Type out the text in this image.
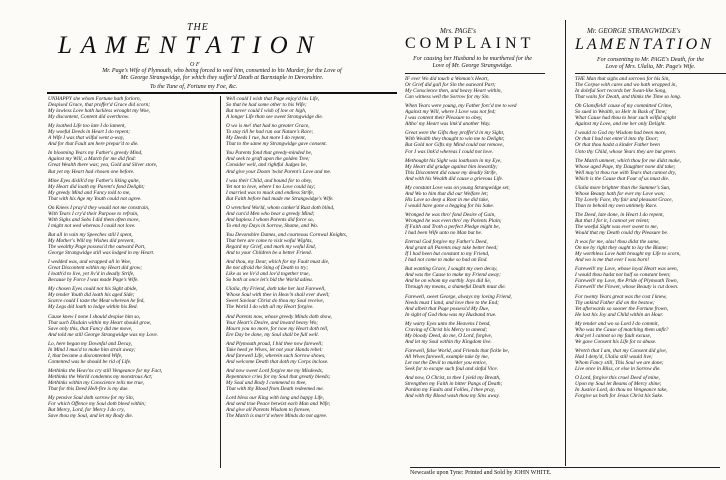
THE
LAMENTATION
O F
Mr. Page's Wife of Plymouth, who being forced to wed him, consented to his Murder, for the Love of
Mr. George Strangwidge, for which they suffer'd Death at Barnstaple in Devonshire.
To the Tune of, Fortune my Foe, &c.

UNHAPPY she whom Fortune hath forlorn,

Despised Grace, that proffer'd Grace did scorn;

My lawless Love hath luckless wrought my Woe,

My discontent, Content did overthrow.

My loathed Life too late I do lament,

My woeful Deeds in Heart I do repent;

A Wife I was that wilful went a-way,

And for that Fault am here prepar'd to die.

In blooming Years my Father's greedy Mind,

Against my Will, a Match for me did find:

Great Wealth there was; yea, Gold and Silver store,

But yet my Heart had chosen one before.

Mine Eyes dislik'd my Father's liking quite,

My Heart did loath my Parent's fond Delight;

My greedy Mind and Fancy told to me,

That with his Age my Youth could not agree.

On Knees I pray'd they would not me constrain,

With Tears I cry'd their Purpose to refrain,

With Sighs and Sobs I did them often move,

I might not wed whereas I could not love.

But all in vain my Speeches still I spent,

My Mother's Will my Wishes did prevent,

The wealthy Page possess'd the outward Part,

George Strangwidge still was lodged in my Heart.

I wedded was, and wrapped all in Woe,

Great Discontent within my Heart did grow;

I loath'd to live, yet liv'd in deadly Strife,

Because by Force I was made Page's Wife.

My chosen Eyes could not his Sight abide,

My tender Youth did loath his aged Side;

Scarce could I taste the Meat whereon he fed,

My Legs did loath to lodge within his Bed.

Cause knew I none I should despise him so,

That such Disdain within my Heart should grow,

Save only this, that Fancy did me move,

And told me still George Strangwidge was my Love.

Lo, here began my Downfal and Decay,

In Mind I mus'd to make him strait away;

I, that became a discontented Wife,

Contented was he should be rid of Life.

Methinks the Heav'ns cry still Vengeance for my Fact,

Methinks the World condemns my monstrous Act;

Methinks within my Conscience tells me true,

That for this Deed Hell-fire is my due.

My pensive Soul doth sorrow for my Sin,

For which Offence my Soul doth bleed within;

But Mercy, Lord, for Mercy I do cry,

Save thou my Soul, and let my Body die.

Well could I wish that Page enjoy'd his Life,

So that he had some other to his Wife;

But never could I wish of low or high,

A longer Life than see sweet Strangwidge die.

O wo is me! that had no greater Grace,

To stay till he had run out Nature's Race;

My Deeds I rue, but more I do repent,

That to the same my Strangwidge gave consent.

You Parents fond that greedy-minded be,

And seek to graft upon the golden Tree;

Consider well, and rightful Judges be,

And give your Doom 'twixt Parent's Love and me.

I was their Child, and bound for to obey,

Yet not to love, where I no Love could lay;

I married was to muck and endless Strife,

But Faith before had made me Strangwidge's Wife.

O wretched World, whom canker'd Rust doth blind,

And curs'd Men who bear a greedy Mind;

And hapless I whom Parents did force so,

To end my Days in Sorrow, Shame, and Wo.

You Devonshire Dames, and courteous Cornwal Knights,

That here are come to visit woful Wights,

Regard my Grief, and mark my woful End,

And to your Children be a better Friend.

And thou, my Dear, which for my Fault must die,

Be not afraid the Sting of Death to try;

Like as we liv'd and lov'd together true,

So both at once let's bid the World adieu.

Ulalia, thy Friend, doth take her last Farewell,

Whose Soul with thee in Heav'n shall ever dwell;

Sweet Saviour Christ do thou my Soul receive,

The World I do with all my Heart forgive.

And Parents now, whose greedy Minds doth show,

Your Heart's Desire, and inward heavy Wo;

Mourn you no more, for now my Heart doth tell,

Ere Day be done, my Soul shall be full well.

And Plymouth proud, I bid thee now farewell;

Take heed ye Wives, let not your Hands rebel:

And farewell Life, wherein such Sorrow shows,

And welcome Death that doth my Corps inclose.

And now sweet Lord forgive me my Misdeeds,

Repentance cries for my Soul that greatly bleeds;

My Soul and Body I commend to thee,

That with thy Blood from Death redeemed me.

Lord bless our King with long and happy Life,

And send true Peace betwixt each Man and Wife;

And give all Parents Wisdom to foresee,

The Match is marr'd where Minds do not agree.

Mrs. PAGE's
COMPLAINT
For causing her Husband to be murthered for the
Love of Mr. George Strangwidge.

IF ever Wo did touch a Woman's Heart,

Or Grief did gall for Sin the outward Part;

My Conscience then, and heavy Heart within,

Can witness well the Sorrow for my Sin.

When Years were young, my Father forc'd me to wed

Against my Will, where I Love was not fed;

I was content their Pleasure to obey,

Altho' my Heart was link'd another Way.

Great were the Gifts they proffer'd in my Sight,

With Wealth they thought to win me to Delight;

But Gold nor Gifts my Mind could not remove,

For I was link'd whereas I could not love.

Methought his Sight was loathsom in my Eye,

My Heart did grudge against him inwardly;

This Discontent did cause my deadly Strife,

And with his Wealth did cause a grievous Life.

My constant Love was on young Strangwidge set,

And Wo to him that did our Welfare let;

His Love so deep a Root in me did take,

I would have gone a begging for his Sake.

Wronged he was thro' fond Desire of Gain,

Wronged he was even thro' my Parents Plain;

If Faith and Troth a perfect Pledge might be,

I had been Wife unto no Man but he.

Eternal God forgive my Father's Deed,

And grant all Parents may take better heed;

If I had been but constant to my Friend,

I had not come to make so bad an End.

But wanting Grace, I sought my own decay,

And was the Cause to make my Friend away;

And he on whom my earthly Joys did lie,

Through my means, a shameful Death must die.

Farewell, sweet George, always my loving Friend,

Needs must I land, and love thee to the End;

And albeit that Page possess'd My Due,

In sight of God thou was my Husband true.

My watry Eyes unto the Heavens I bend,

Craving of Christ his Mercy to amend;

My bloody Deed, do me, O Lord, forgive,

And let my Soul within thy Kingdom live.

Farewell, false World, and Friends that fickle be,

All Wives farewell, example take by me,

Let not the Devil to murder you entice,

Seek for to escape such foul and sinful Vice.

And now, O Christ, to thee I yield my Breath,

Strengthen my Faith in bitter Pangs of Death;

Pardon my Faults and Follies, I thee pray,

And with thy Blood wash thou my Sins away.

Mr. GEORGE STRANGWIDGE's
LAMENTATION
For consenting to Mr. PAGE's Death, for the
Love of Mrs. Ulalia, Mr. Page's Wife.

THE Man that sighs and sorrows for his Sin,

The Corpse with cares and wo hath wrapped in,

In doleful Sort records her Swan-like Song,

That waits for Death, and thinks the Time so long.

Oh Glansfield! cause of my committed Crime,

So sued in Wealth, so Heir in Bask of Time;

What Cause had thou to bear such wilful spight

Against my Love, and me her only Delight.

I would to God my Wisdom had been more,

Or that I had not enter'd into thy Door;

Or that thou hadst a kinder Father been

Unto thy Child, whose Years they are but green.

The Match unmeet, which thou for me didst make,

Whose aged Page, thy Daughter none did take;

Well may'st thou rue with Tears that cannot dry,

Which is the Cause that Four of us must die.

Ulalia more brighter than the Summer's Sun,

Whose Beauty hath for ever my Love won;

Thy Lovely Face, thy fair and pleasant Grace,

Than to behold my own untimely Race.

The Deed, late done, in Heart I do repent,

But that I for it, I cannot yet relent;

The woeful Sight was ever sweet to me,

Would that my Death could thy Pleasure be.

It was for me, alas! thou didst the same,

On me by right they ought to lay the Blame;

My worthless Love hath brought my Life to scorn,

And wo is me that ever I was born!

Farewell! my Love, whose loyal Heart was seen,

I would thou hadst not half so constant been;

Farewell! my Love, the Pride of Plymouth Town,

Farewell! the Flower, whose Beauty is cut down.

For twenty Years great was the cost I knew,

Thy unkind Father did on the bestow;

Yet afterwards so sooner the Fortune frown,

He lost his Joy and Child within an Hour.

My tender and wo so Lord I do commit,

Who was the Cause of matching them unfit?

And yet I cannot so my fault excuse,

We gave Consent his Life for to abuse.

Wretch that I am, that my Consent did give,

Had I deny'd, Ulalia still would live;

Whom Fancy still, This Soul we are done;

Live once in Bliss, or else in Sorrow die.

O Lord, forgive this cruel Deed of mine,

Upon my Soul let Beams of Mercy shine;

In Justice Lord, do thou no Vengeance take,

Forgive us both for Jesus Christ his Sake.

Newcastle upon Tyne: Printed and Sold by JOHN WHITE.
